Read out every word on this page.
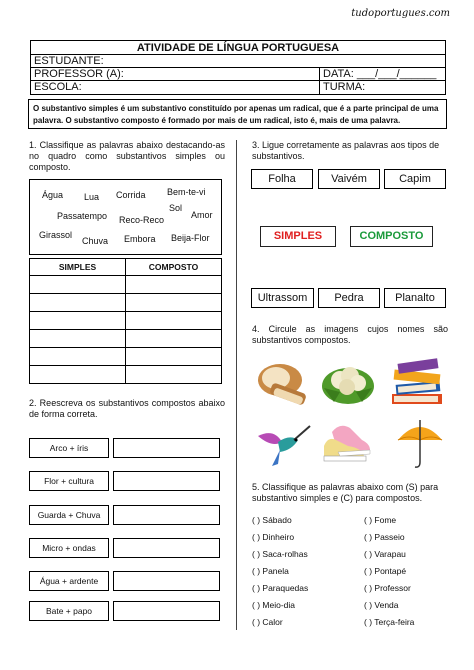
tudoportugues.com
ATIVIDADE DE LÍNGUA PORTUGUESA
ESTUDANTE:
PROFESSOR (A):	DATA: ___/___/______
ESCOLA:	TURMA:
O substantivo simples é um substantivo constituído por apenas um radical, que é a parte principal de uma palavra. O substantivo composto é formado por mais de um radical, isto é, mais de uma palavra.
1. Classifique as palavras abaixo destacando-as no quadro como substantivos simples ou composto.
Água Lua Corrida Bem-te-vi
Passatempo
Sol
Reco-Reco	Amor
Girassol
Chuva Embora Beija-Flor
SIMPLES	COMPOSTO

2. Reescreva os substantivos compostos abaixo de forma correta.
Arco + íris
Flor + cultura
Guarda + Chuva
Micro + ondas
Água + ardente
Bate + papo
3. Ligue corretamente as palavras aos tipos de substantivos.
Folha	Vaivém	Capim
SIMPLES	COMPOSTO
Ultrassom	Pedra	Planalto
4. Circule as imagens cujos nomes são substantivos compostos.
5. Classifique as palavras abaixo com (S) para substantivo simples e (C) para compostos.
( ) Sábado
( ) Dinheiro
( ) Saca-rolhas
( ) Panela
( ) Paraquedas
( ) Meio-dia
( ) Calor
( ) Fome
( ) Passeio
( ) Varapau
( ) Pontapé
( ) Professor
( ) Venda
( ) Terça-feira
